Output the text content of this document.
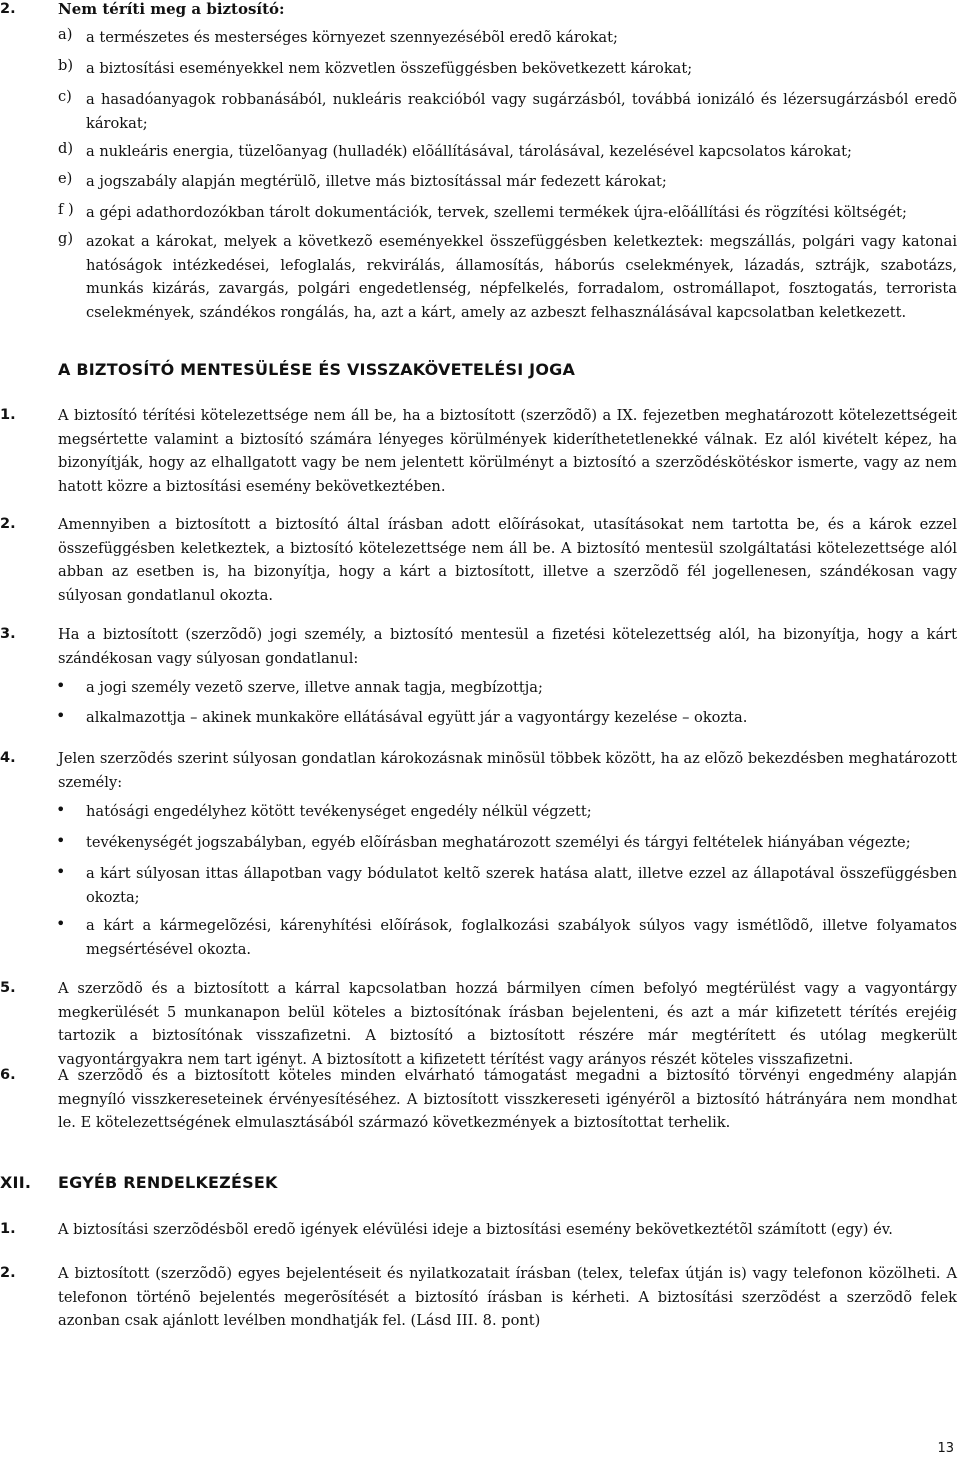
2.	Nem téríti meg a biztosító:
a) a természetes és mesterséges környezet szennyezésébõl eredõ károkat;

b) a biztosítási eseményekkel nem közvetlen összefüggésben bekövetkezett károkat;

c) a hasadóanyagok robbanásából, nukleáris reakcióból vagy sugárzásból, továbbá ionizáló és lézersugárzásból eredõ károkat;

d) a nukleáris energia, tüzelõanyag (hulladék) elõállításával, tárolásával, kezelésével kapcsolatos károkat;

e) a jogszabály alapján megtérülõ, illetve más biztosítással már fedezett károkat;

f ) a gépi adathordozókban tárolt dokumentációk, tervek, szellemi termékek újra-elõállítási és rögzítési költségét;

g) azokat a károkat, melyek a következõ eseményekkel összefüggésben keletkeztek: megszállás, polgári vagy katonai hatóságok intézkedései, lefoglalás, rekvirálás, államosítás, háborús cselekmények, lázadás, sztrájk, szabotázs, munkás kizárás, zavargás, polgári engedetlenség, népfelkelés, forradalom, ostromállapot, fosztogatás, terrorista cselekmények, szándékos rongálás, ha, azt a kárt, amely az azbeszt felhasználásával kapcsolatban keletkezett.

A BIZTOSÍTÓ MENTESÜLÉSE ÉS VISSZAKÖVETELÉSI JOGA
1.	A biztosító térítési kötelezettsége nem áll be, ha a biztosított (szerzõdõ) a IX. fejezetben meghatározott kötelezettségeit megsértette valamint a biztosító számára lényeges körülmények kideríthetetlenekké válnak. Ez alól kivételt képez, ha bizonyítják, hogy az elhallgatott vagy be nem jelentett körülményt a biztosító a szerzõdéskötéskor ismerte, vagy az nem hatott közre a biztosítási esemény bekövetkeztében.

2.	Amennyiben a biztosított a biztosító által írásban adott elõírásokat, utasításokat nem tartotta be, és a károk ezzel összefüggésben keletkeztek, a biztosító kötelezettsége nem áll be. A biztosító mentesül szolgáltatási kötelezettsége alól abban az esetben is, ha bizonyítja, hogy a kárt a biztosított, illetve a szerzõdõ fél jogellenesen, szándékosan vagy súlyosan gondatlanul okozta.

3.	Ha a biztosított (szerzõdõ) jogi személy, a biztosító mentesül a fizetési kötelezettség alól, ha bizonyítja, hogy a kárt szándékosan vagy súlyosan gondatlanul:

• a jogi személy vezetõ szerve, illetve annak tagja, megbízottja;

• alkalmazottja – akinek munkaköre ellátásával együtt jár a vagyontárgy kezelése – okozta.

4.	Jelen szerzõdés szerint súlyosan gondatlan károkozásnak minõsül többek között, ha az elõzõ bekezdésben meghatározott személy:

• hatósági engedélyhez kötött tevékenységet engedély nélkül végzett;

• tevékenységét jogszabályban, egyéb elõírásban meghatározott személyi és tárgyi feltételek hiányában végezte;

• a kárt súlyosan ittas állapotban vagy bódulatot keltõ szerek hatása alatt, illetve ezzel az állapotával összefüggésben okozta;

• a kárt a kármegelõzési, kárenyhítési elõírások, foglalkozási szabályok súlyos vagy ismétlõdõ, illetve folyamatos megsértésével okozta.

5.	A szerzõdõ és a biztosított a kárral kapcsolatban hozzá bármilyen címen befolyó megtérülést vagy a vagyontárgy megkerülését 5 munkanapon belül köteles a biztosítónak írásban bejelenteni, és azt a már kifizetett térítés erejéig tartozik a biztosítónak visszafizetni. A biztosító a biztosított részére már megtérített és utólag megkerült vagyontárgyakra nem tart igényt. A biztosított a kifizetett térítést vagy arányos részét köteles visszafizetni.

6.	A szerzõdõ és a biztosított köteles minden elvárható támogatást megadni a biztosító törvényi engedmény alapján megnyíló visszkereseteinek érvényesítéséhez. A biztosított visszkereseti igényérõl a biztosító hátrányára nem mondhat le. E kötelezettségének elmulasztásából származó következmények a biztosítottat terhelik.

XII. EGYÉB RENDELKEZÉSEK
1.	A biztosítási szerzõdésbõl eredõ igények elévülési ideje a biztosítási esemény bekövetkeztétõl számított (egy) év.

2.	A biztosított (szerzõdõ) egyes bejelentéseit és nyilatkozatait írásban (telex, telefax útján is) vagy telefonon közölheti. A telefonon történõ bejelentés megerõsítését a biztosító írásban is kérheti. A biztosítási szerzõdést a szerzõdõ felek azonban csak ajánlott levélben mondhatják fel. (Lásd III. 8. pont)

13
